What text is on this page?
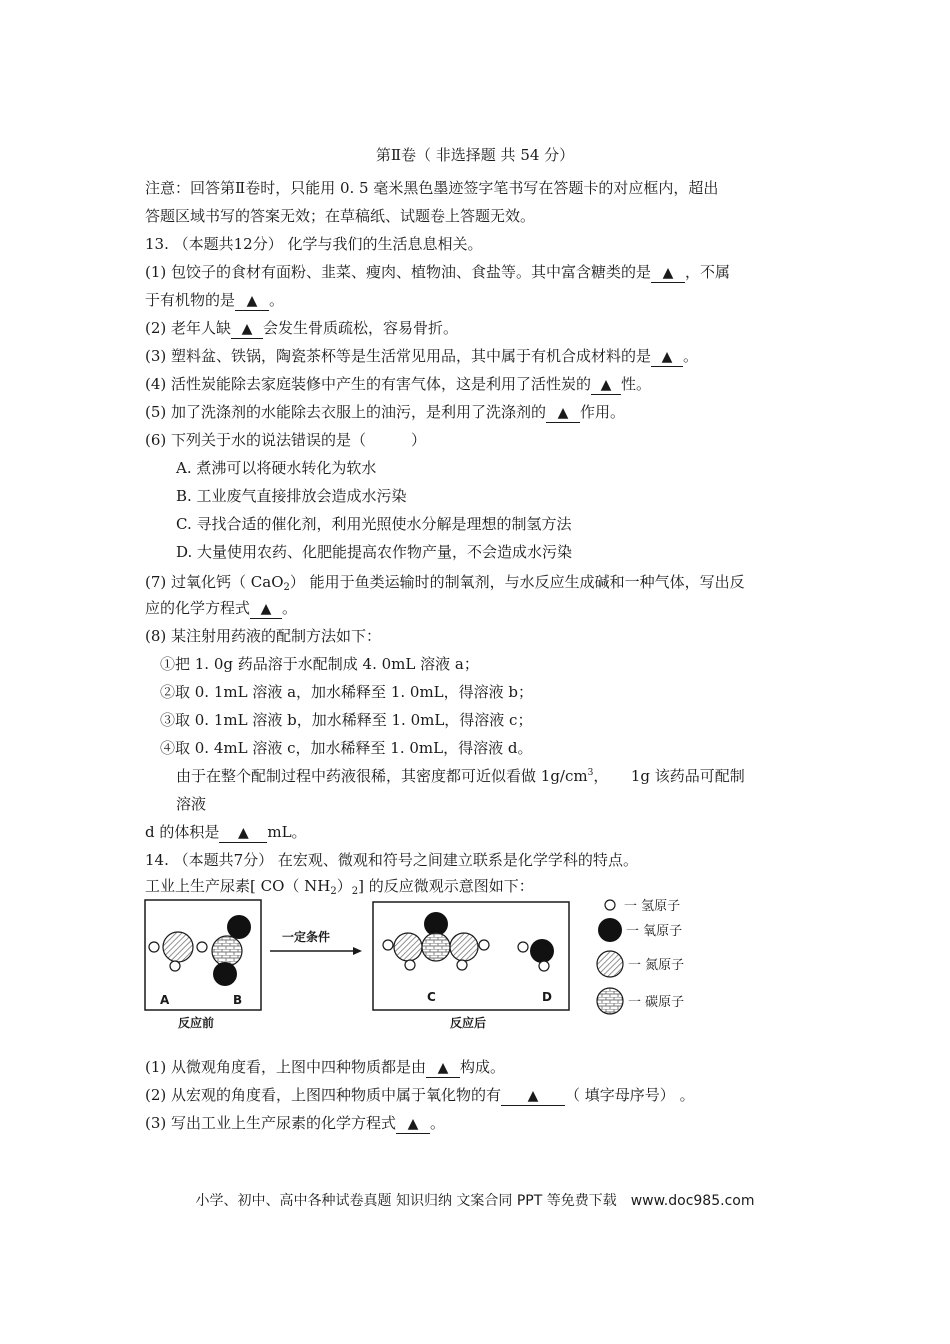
第Ⅱ卷（ 非选择题 共 54 分）
注意：回答第Ⅱ卷时，只能用 0. 5 毫米黑色墨迹签字笔书写在答题卡的对应框内，超出
答题区域书写的答案无效；在草稿纸、试题卷上答题无效。
13. （本题共12分） 化学与我们的生活息息相关。
(1) 包饺子的食材有面粉、韭菜、瘦肉、植物油、食盐等。其中富含糖类的是 ▲ ，不属
于有机物的是 ▲ 。
(2) 老年人缺 ▲ 会发生骨质疏松，容易骨折。
(3) 塑料盆、铁锅，陶瓷茶杯等是生活常见用品，其中属于有机合成材料的是 ▲ 。
(4) 活性炭能除去家庭装修中产生的有害气体，这是利用了活性炭的 ▲ 性。
(5) 加了洗涤剂的水能除去衣服上的油污，是利用了洗涤剂的 ▲ 作用。
(6) 下列关于水的说法错误的是（　　　）
A. 煮沸可以将硬水转化为软水
B. 工业废气直接排放会造成水污染
C. 寻找合适的催化剂，利用光照使水分解是理想的制氢方法
D. 大量使用农药、化肥能提高农作物产量，不会造成水污染
(7) 过氧化钙（ CaO$_2$） 能用于鱼类运输时的制氧剂，与水反应生成碱和一种气体，写出反
应的化学方程式 ▲ 。
(8) 某注射用药液的配制方法如下：
①把 1. 0g 药品溶于水配制成 4. 0mL 溶液 a；
②取 0. 1mL 溶液 a，加水稀释至 1. 0mL，得溶液 b；
③取 0. 1mL 溶液 b，加水稀释至 1. 0mL，得溶液 c；
④取 0. 4mL 溶液 c，加水稀释至 1. 0mL，得溶液 d。
由于在整个配制过程中药液很稀，其密度都可近似看做 $1g/cm^3$，　　1g 该药品可配制
溶液
d 的体积是 ▲ mL。
14. （本题共7分） 在宏观、微观和符号之间建立联系是化学学科的特点。
工业上生产尿素[ CO（ $NH_2)_2$] 的反应微观示意图如下：
A	B
反应前
一定条件
C	D
反应后
一 氢原子
一 氧原子
一 氮原子
一 碳原子
(1) 从微观角度看，上图中四种物质都是由 ▲ 构成。
(2) 从宏观的角度看，上图四种物质中属于氧化物的有 ▲ （ 填字母序号） 。
(3) 写出工业上生产尿素的化学方程式 ▲ 。
小学、初中、高中各种试卷真题 知识归纳 文案合同 PPT 等免费下载　www.doc985.com
